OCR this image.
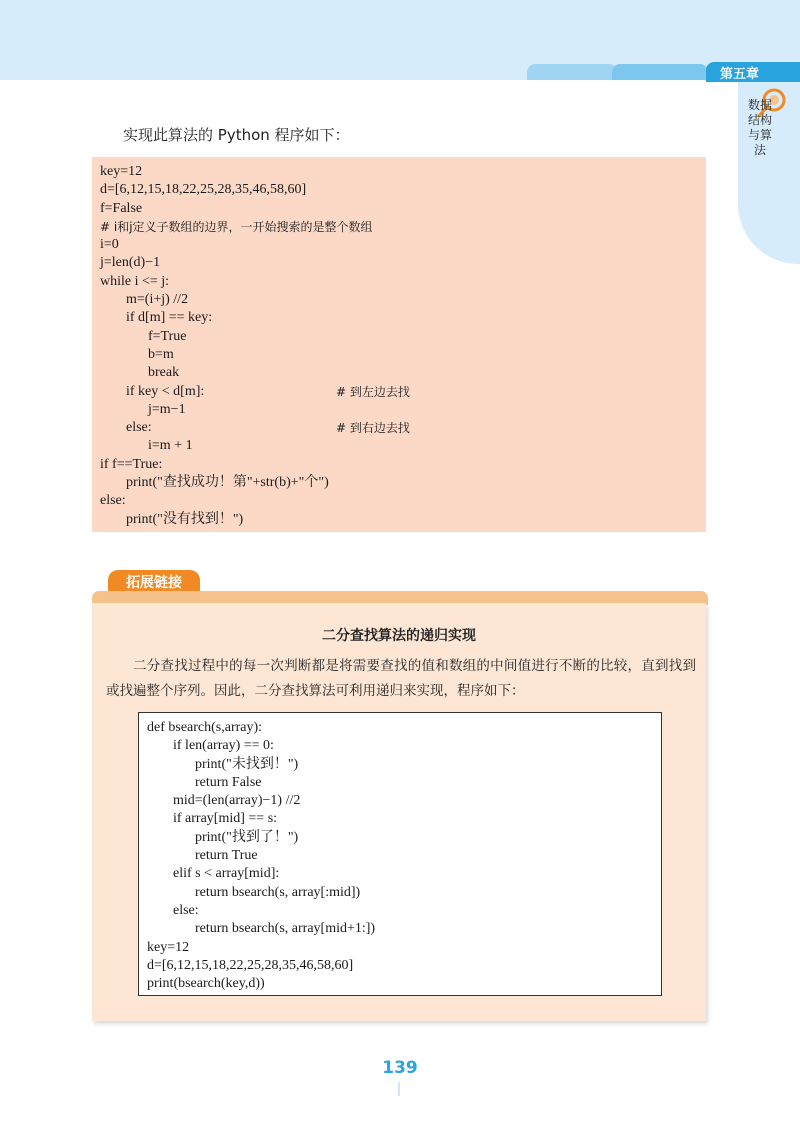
第五章
数据结构与算法
实现此算法的 Python 程序如下：
key=12
d=[6,12,15,18,22,25,28,35,46,58,60]
f=False
# i和j定义子数组的边界，一开始搜索的是整个数组
i=0
j=len(d)−1
while i <= j:
m=(i+j) //2
if d[m] == key:
f=True
b=m
break
if key < d[m]:	# 到左边去找
j=m−1
else:	# 到右边去找
i=m + 1
if f==True:
print("查找成功！第"+str(b)+"个")
else:
print("没有找到！")
拓展链接
二分查找算法的递归实现
二分查找过程中的每一次判断都是将需要查找的值和数组的中间值进行不断的比较，直到找到或找遍整个序列。因此，二分查找算法可利用递归来实现，程序如下：
def bsearch(s,array):
if len(array) == 0:
print("未找到！")
return False
mid=(len(array)−1) //2
if array[mid] == s:
print("找到了！")
return True
elif s < array[mid]:
return bsearch(s, array[:mid])
else:
return bsearch(s, array[mid+1:])
key=12
d=[6,12,15,18,22,25,28,35,46,58,60]
print(bsearch(key,d))
139
